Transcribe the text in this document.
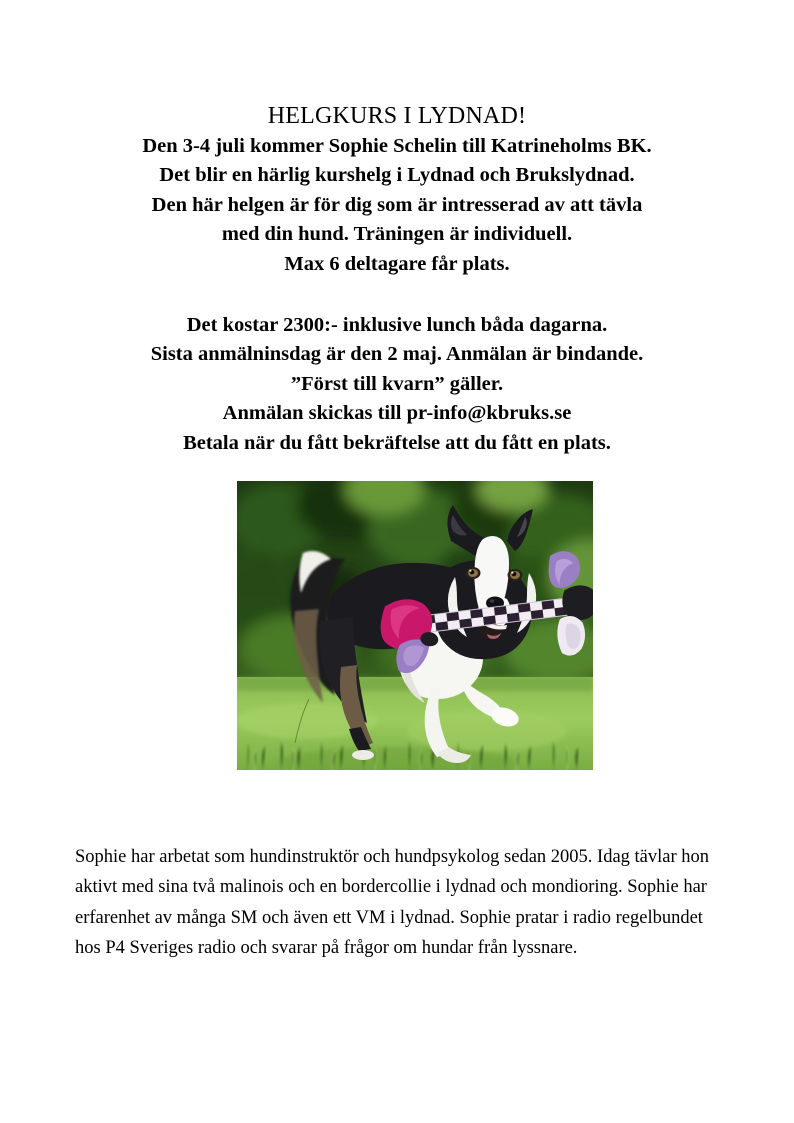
HELGKURS I LYDNAD!
Den 3-4 juli kommer Sophie Schelin till Katrineholms BK.
Det blir en härlig kurshelg i Lydnad och Brukslydnad.
Den här helgen är för dig som är intresserad av att tävla
med din hund. Träningen är individuell.
Max 6 deltagare får plats.
Det kostar 2300:- inklusive lunch båda dagarna.
Sista anmälninsdag är den 2 maj. Anmälan är bindande.
”Först till kvarn” gäller.
Anmälan skickas till pr-info@kbruks.se
Betala när du fått bekräftelse att du fått en plats.

Sophie har arbetat som hundinstruktör och hundpsykolog sedan 2005. Idag tävlar hon aktivt med sina två malinois och en bordercollie i lydnad och mondioring. Sophie har erfarenhet av många SM och även ett VM i lydnad. Sophie pratar i radio regelbundet hos P4 Sveriges radio och svarar på frågor om hundar från lyssnare.
